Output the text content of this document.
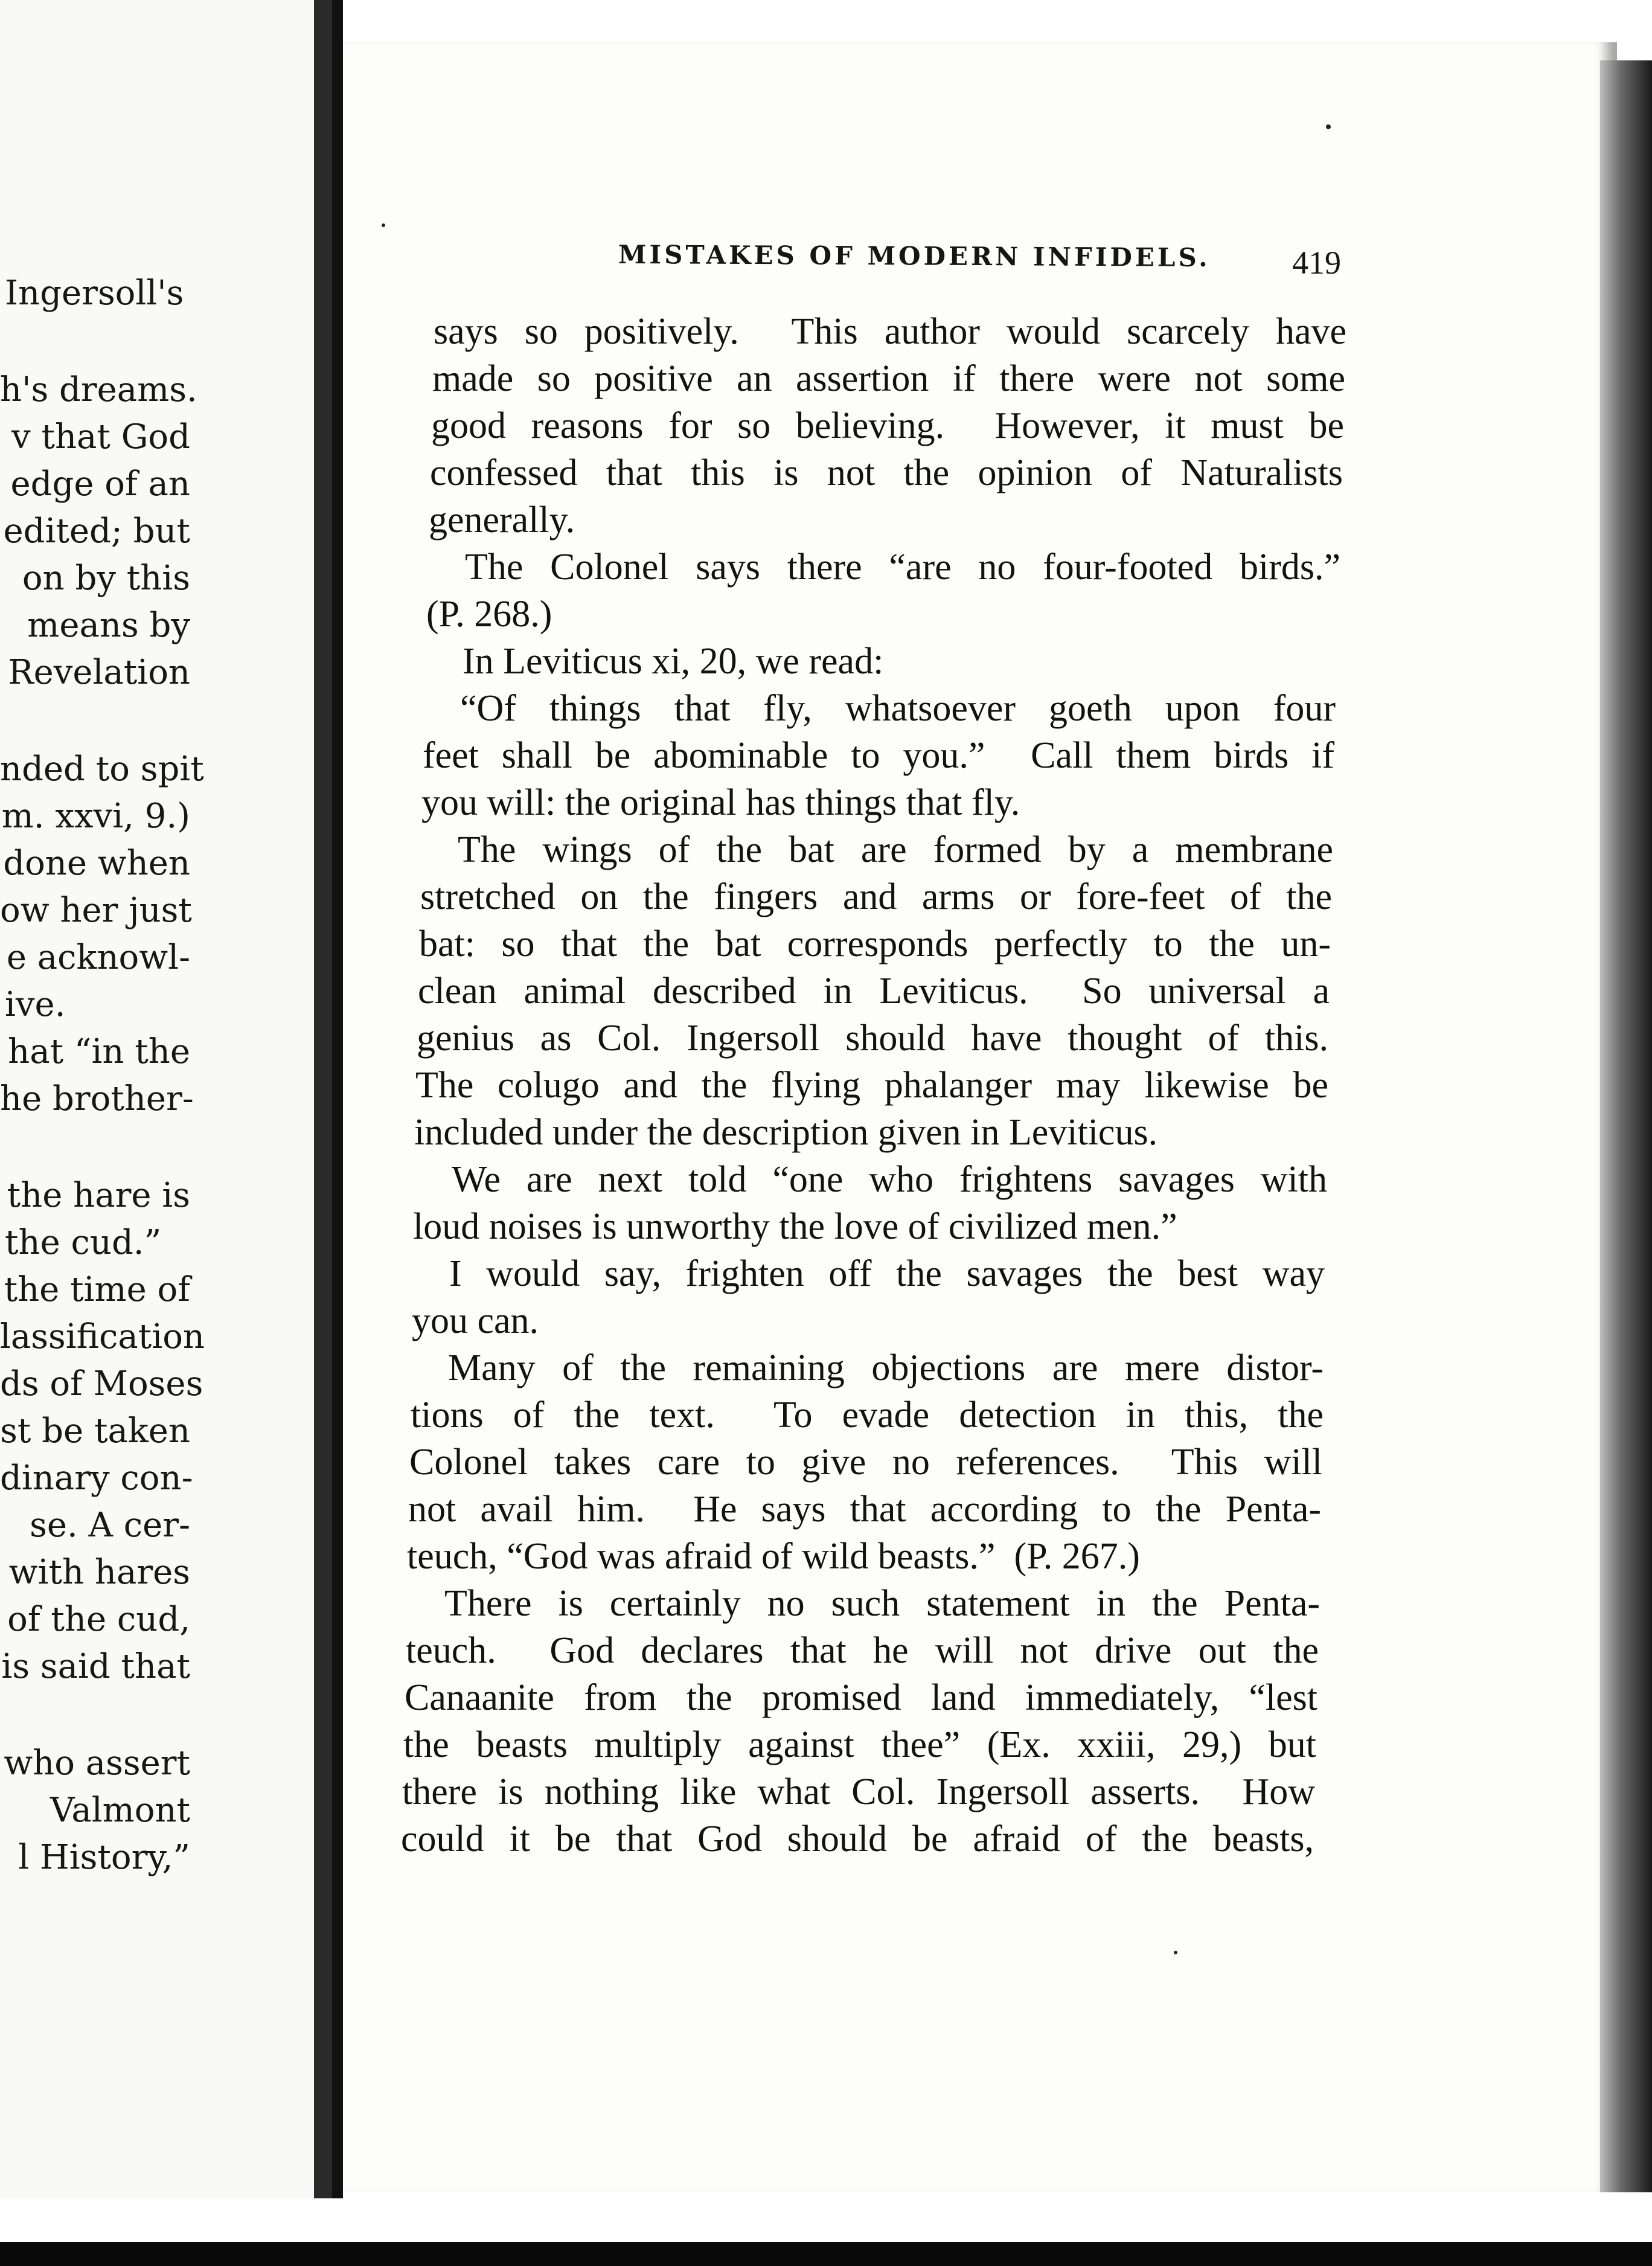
Ingersoll's
h's dreams.
v that God
edge of an
edited; but
on by this
means by
Revelation
nded to spit
m. xxvi, 9.)
done when
ow her just
e acknowl-
ive.
hat “in the
he brother-
the hare is
the cud.”
the time of
lassification
ds of Moses
st be taken
dinary con-
se. A cer-
with hares
of the cud,
is said that
who assert
Valmont
l History,”
MISTAKES OF MODERN INFIDELS.	419
says so positively.  This author would scarcely have
made so positive an assertion if there were not some
good reasons for so believing.  However, it must be
confessed that this is not the opinion of Naturalists
generally.
The Colonel says there “are no four-footed birds.”
(P. 268.)
In Leviticus xi, 20, we read:
“Of things that fly, whatsoever goeth upon four
feet shall be abominable to you.”  Call them birds if
you will: the original has things that fly.
The wings of the bat are formed by a membrane
stretched on the fingers and arms or fore-feet of the
bat: so that the bat corresponds perfectly to the un-
clean animal described in Leviticus.  So universal a
genius as Col. Ingersoll should have thought of this.
The colugo and the flying phalanger may likewise be
included under the description given in Leviticus.
We are next told “one who frightens savages with
loud noises is unworthy the love of civilized men.”
I would say, frighten off the savages the best way
you can.
Many of the remaining objections are mere distor-
tions of the text.  To evade detection in this, the
Colonel takes care to give no references.  This will
not avail him.  He says that according to the Penta-
teuch, “God was afraid of wild beasts.”  (P. 267.)
There is certainly no such statement in the Penta-
teuch.  God declares that he will not drive out the
Canaanite from the promised land immediately, “lest
the beasts multiply against thee” (Ex. xxiii, 29,) but
there is nothing like what Col. Ingersoll asserts.  How
could it be that God should be afraid of the beasts,
